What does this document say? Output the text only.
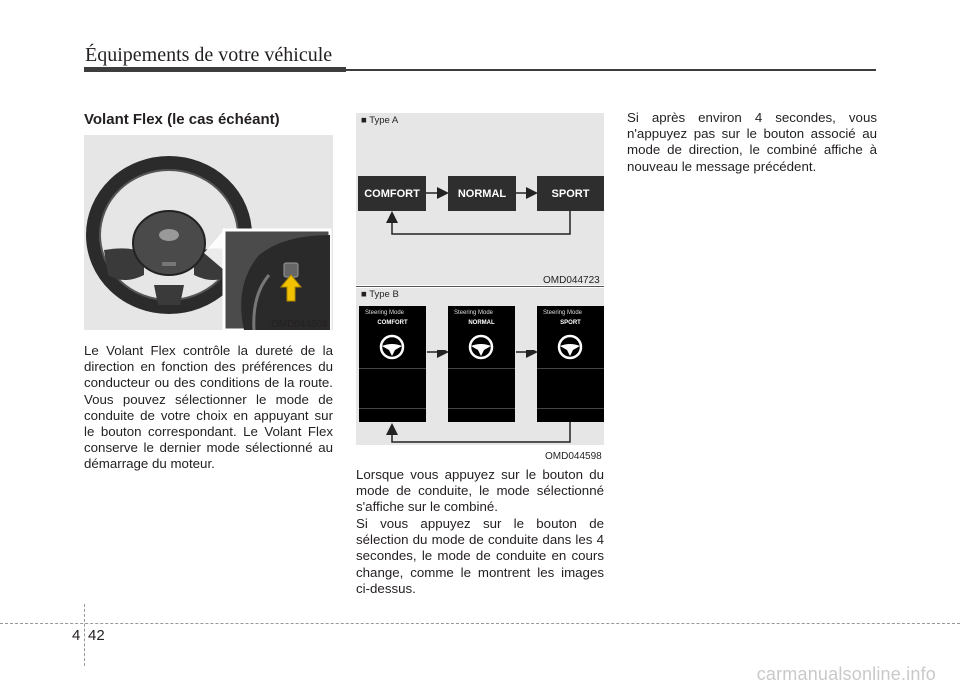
Équipements de votre véhicule
Volant Flex (le cas échéant)
OMD044608
Le Volant Flex contrôle la dureté de la direction en fonction des préférences du conducteur ou des conditions de la route. Vous pouvez sélectionner le mode de conduite de votre choix en appuyant sur le bouton correspondant. Le Volant Flex conserve le dernier mode sélectionné au démarrage du moteur.
■ Type A
COMFORT	NORMAL	SPORT
OMD044723
■ Type B
Steering Mode
COMFORT
Steering Mode
NORMAL
Steering Mode
SPORT
OMD044598
Lorsque vous appuyez sur le bouton du mode de conduite, le mode sélectionné s'affiche sur le combiné.
Si vous appuyez sur le bouton de sélection du mode de conduite dans les 4 secondes, le mode de conduite en cours change, comme le montrent les images ci-dessus.
Si après environ 4 secondes, vous n'appuyez pas sur le bouton associé au mode de direction, le combiné affiche à nouveau le message précédent.
4 42
carmanualsonline.info
